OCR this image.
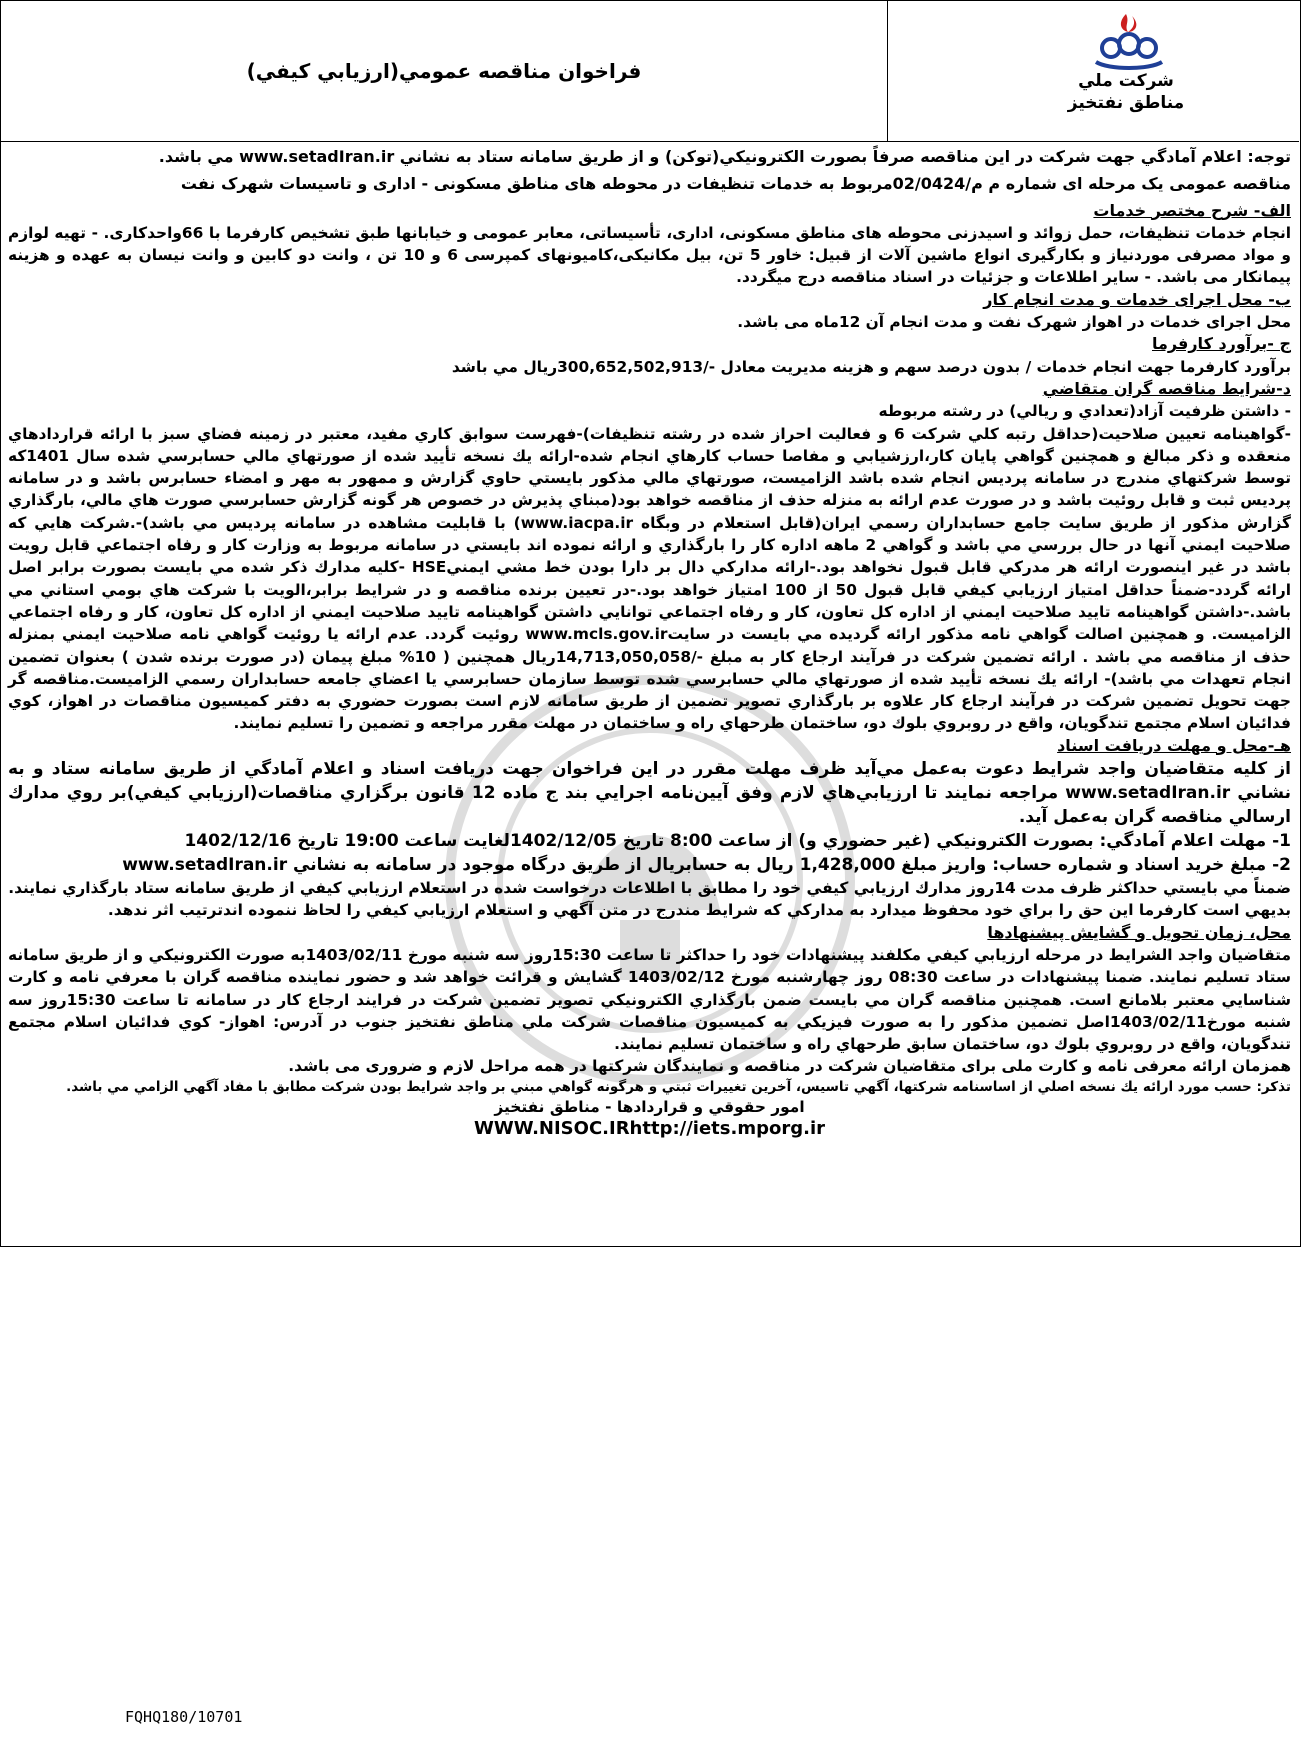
فراخوان مناقصه عمومي(ارزيابي كيفي)	شركت ملي
مناطق نفتخيز

توجه: اعلام آمادگي جهت شركت در اين مناقصه صرفاً بصورت الكترونيكي(توكن) و از طريق سامانه ستاد به نشاني www.setadIran.ir مي باشد.

مناقصه عمومی یک مرحله ای شماره م م/02/0424مربوط به خدمات تنظیفات در محوطه های مناطق مسکونی - اداری و تاسیسات شهرک نفت

الف- شرح مختصر خدمات

انجام خدمات تنظیفات، حمل زوائد و اسیدزنی محوطه های مناطق مسکونی، اداری، تأسیساتی، معابر عمومی و خیابانها طبق تشخیص کارفرما با 66واحدکاری. - تهیه لوازم و مواد مصرفی موردنیاز و بکارگیری انواع ماشین آلات از قبیل: خاور 5 تن، بیل مکانیکی،کامیونهای کمپرسی 6 و 10 تن ، وانت دو کابین و وانت نیسان به عهده و هزینه پیمانکار می باشد. - سایر اطلاعات و جزئیات در اسناد مناقصه درج میگردد.

ب- محل اجرای خدمات و مدت انجام کار

محل اجرای خدمات در اهواز شهرک نفت و مدت انجام آن 12ماه می باشد.

ج -برآورد كارفرما

برآورد کارفرما جهت انجام خدمات / بدون درصد سهم و هزینه مدیریت معادل -/300,652,502,913ريال مي باشد

د-شرايط مناقصه گران متقاضي

- داشتن ظرفيت آزاد(تعدادي و ريالي) در رشته مربوطه

-گواهينامه تعيين صلاحيت(حداقل رتبه كلي شركت 6 و فعاليت احراز شده در رشته تنظيفات)-فهرست سوابق كاري مفيد، معتبر در زمينه فضاي سبز با ارائه قراردادهاي منعقده و ذكر مبالغ و همچنين گواهي پايان كار،ارزشيابي و مفاصا حساب كارهاي انجام شده-ارائه يك نسخه تأييد شده از صورتهاي مالي حسابرسي شده سال 1401كه توسط شركتهاي مندرج در سامانه پرديس انجام شده باشد الزاميست، صورتهاي مالي مذكور بايستي حاوي گزارش و ممهور به مهر و امضاء حسابرس باشد و در سامانه پرديس ثبت و قابل روئيت باشد و در صورت عدم ارائه به منزله حذف از مناقصه خواهد بود(مبناي پذيرش در خصوص هر گونه گزارش حسابرسي صورت هاي مالي، بارگذاري گزارش مذكور از طريق سايت جامع حسابداران رسمي ايران(قابل استعلام در وبگاه www.iacpa.ir) با قابليت مشاهده در سامانه پرديس مي باشد)-.شركت هايي كه صلاحيت ايمني آنها در حال بررسي مي باشد و گواهي 2 ماهه اداره كار را بارگذاري و ارائه نموده اند بايستي در سامانه مربوط به وزارت كار و رفاه اجتماعي قابل رويت باشد در غير اينصورت ارائه هر مدركي قابل قبول نخواهد بود.-ارائه مداركي دال بر دارا بودن خط مشي ايمنيHSE -كليه مدارك ذكر شده مي بايست بصورت برابر اصل ارائه گردد-ضمناً حداقل امتياز ارزيابي كيفي قابل قبول 50 از 100 امتياز خواهد بود.-در تعيين برنده مناقصه و در شرايط برابر،الويت با شركت هاي بومي استاني مي باشد.-داشتن گواهينامه تاييد صلاحيت ايمني از اداره كل تعاون، كار و رفاه اجتماعي توانايي داشتن گواهينامه تاييد صلاحيت ايمني از اداره كل تعاون، كار و رفاه اجتماعي الزاميست. و همچنين اصالت گواهي نامه مذكور ارائه گرديده مي بايست در سايتwww.mcls.gov.ir روئيت گردد. عدم ارائه يا روئيت گواهي نامه صلاحيت ايمني بمنزله حذف از مناقصه مي باشد . ارائه تضمين شركت در فرآيند ارجاع كار به مبلغ -/14,713,050,058ريال همچنين ( 10% مبلغ پيمان (در صورت برنده شدن ) بعنوان تضمين انجام تعهدات مي باشد)- ارائه يك نسخه تأييد شده از صورتهاي مالي حسابرسي شده توسط سازمان حسابرسي يا اعضاي جامعه حسابداران رسمي الزاميست.مناقصه گر جهت تحويل تضمين شركت در فرآيند ارجاع كار علاوه بر بارگذاري تصوير تضمين از طريق سامانه لازم است بصورت حضوري به دفتر كميسيون مناقصات در اهواز، كوي فدائيان اسلام مجتمع تندگويان، واقع در روبروي بلوك دو، ساختمان طرحهاي راه و ساختمان در مهلت مقرر مراجعه و تضمين را تسليم نمايند.

هـ-محل و مهلت دريافت اسناد

از كليه متقاضيان واجد شرايط دعوت به‌عمل مي‌آيد ظرف مهلت مقرر در اين فراخوان جهت دريافت اسناد و اعلام آمادگي از طريق سامانه ستاد و به نشاني www.setadIran.ir مراجعه نمايند تا ارزيابي‌هاي لازم وفق آيين‌نامه اجرايي بند ج ماده 12 قانون برگزاري مناقصات(ارزيابي كيفي)بر روي مدارك ارسالي مناقصه گران به‌عمل آيد.

1- مهلت اعلام آمادگي: بصورت الكترونيكي (غير حضوري و) از ساعت 8:00 تاريخ 1402/12/05لغايت ساعت 19:00 تاريخ 1402/12/16

2- مبلغ خريد اسناد و شماره حساب: واريز مبلغ 1,428,000 ريال به حسابريال از طريق درگاه موجود در سامانه به نشاني www.setadIran.ir

ضمناً مي بايستي حداكثر ظرف مدت 14روز مدارك ارزيابي كيفي خود را مطابق با اطلاعات درخواست شده در استعلام ارزيابي كيفي از طريق سامانه ستاد بارگذاري نمايند.

بديهي است كارفرما اين حق را براي خود محفوظ ميدارد به مداركي كه شرايط مندرج در متن آگهي و استعلام ارزيابي كيفي را لحاظ ننموده اندترتيب اثر ندهد.

محل، زمان تحويل و گشايش پيشنهادها

متقاضيان واجد الشرايط در مرحله ارزيابي كيفي مكلفند پيشنهادات خود را حداكثر تا ساعت 15:30روز سه شنبه مورخ 1403/02/11به صورت الكترونيكي و از طريق سامانه ستاد تسليم نمايند. ضمنا پيشنهادات در ساعت 08:30 روز چهارشنبه مورخ 1403/02/12 گشايش و قرائت خواهد شد و حضور نماينده مناقصه گران با معرفي نامه و كارت شناسايي معتبر بلامانع است. همچنين مناقصه گران مي بايست ضمن بارگذاري الكترونيكي تصوير تضمين شركت در فرايند ارجاع كار در سامانه تا ساعت 15:30روز سه شنبه مورخ1403/02/11اصل تضمين مذكور را به صورت فيزيكي به كميسيون مناقصات شركت ملي مناطق نفتخيز جنوب در آدرس: اهواز- كوي فدائيان اسلام مجتمع تندگويان، واقع در روبروي بلوك دو، ساختمان سابق طرحهاي راه و ساختمان تسليم نمايند.

همزمان ارائه معرفی نامه و کارت ملی برای متقاضیان شرکت در مناقصه و نمایندگان شرکتها در همه مراحل لازم و ضروری می باشد.

تذكر: حسب مورد ارائه يك نسخه اصلي از اساسنامه شركتها، آگهي تاسيس، آخرين تغييرات ثبتي و هرگونه گواهي مبني بر واجد شرايط بودن شركت مطابق با مفاد آگهي الزامي مي باشد.

امور حقوقي و قراردادها - مناطق نفتخيز

WWW.NISOC.IRhttp://iets.mporg.ir

FQHQ180/10701
